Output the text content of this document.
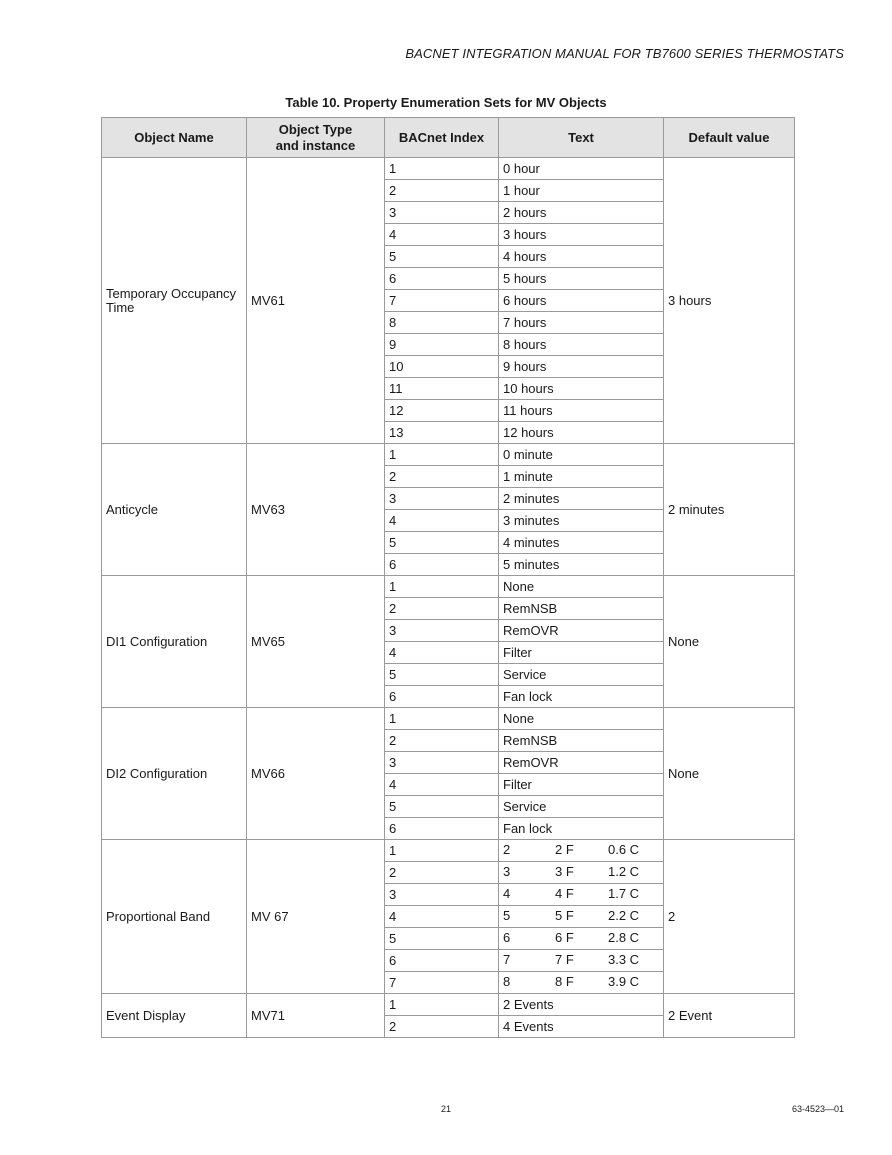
BACNET INTEGRATION MANUAL FOR TB7600 SERIES THERMOSTATS
Table 10. Property Enumeration Sets for MV Objects
Object Name	Object Type and instance	BACnet Index	Text	Default value
Temporary Occupancy Time	MV61	1	0 hour	3 hours
		2	1 hour	
		3	2 hours	
		4	3 hours	
		5	4 hours	
		6	5 hours	
		7	6 hours	
		8	7 hours	
		9	8 hours	
		10	9 hours	
		11	10 hours	
		12	11 hours	
		13	12 hours	
Anticycle	MV63	1	0 minute	2 minutes
		2	1 minute	
		3	2 minutes	
		4	3 minutes	
		5	4 minutes	
		6	5 minutes	
DI1 Configuration	MV65	1	None	None
		2	RemNSB	
		3	RemOVR	
		4	Filter	
		5	Service	
		6	Fan lock	
DI2 Configuration	MV66	1	None	None
		2	RemNSB	
		3	RemOVR	
		4	Filter	
		5	Service	
		6	Fan lock	
Proportional Band	MV 67	1	2 2 F 0.6 C	2
		2	3 3 F 1.2 C	

		3	4 4 F 1.7 C	

		4	5 5 F 2.2 C	

		5	6 6 F 2.8 C	

		6	7 7 F 3.3 C	

		7	8 8 F 3.9 C	

Event Display	MV71	1	2 Events	2 Event
		2	4 Events	
21	63-4523—01
